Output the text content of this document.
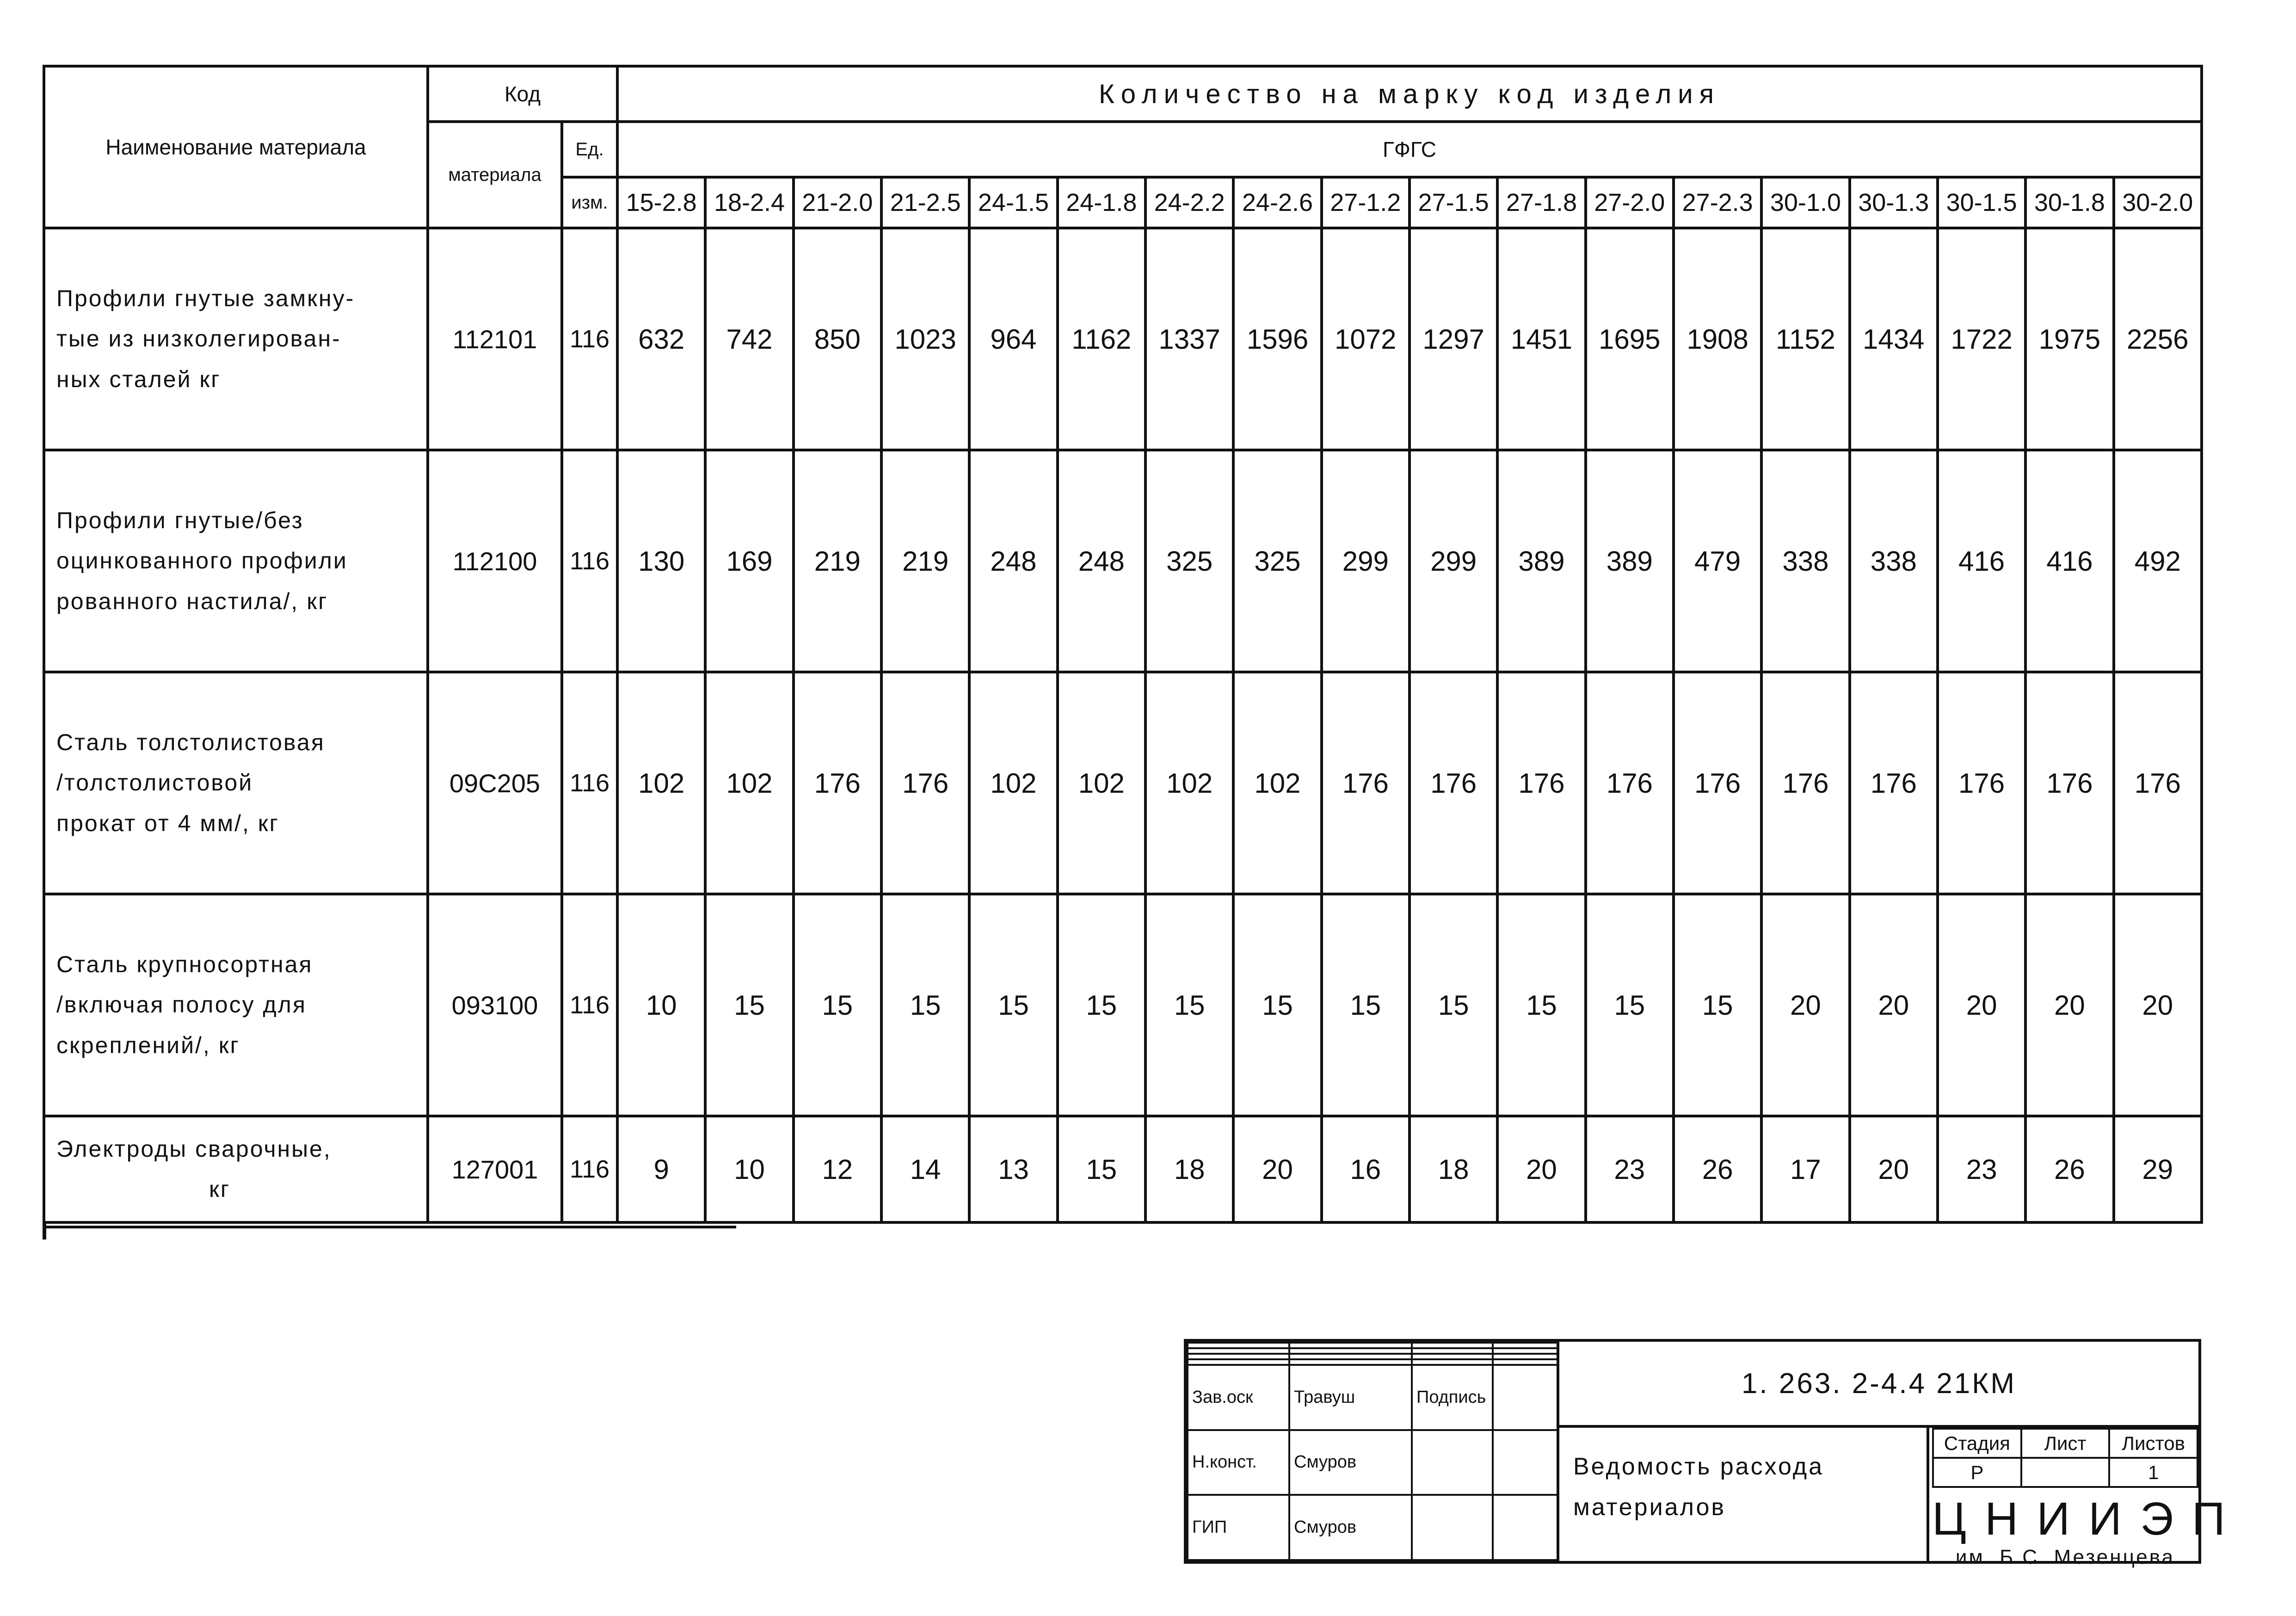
Наименование материала	Код		Количество на марку код изделия																	
	материала	Ед.	ГФГС																	
		изм.	15-2.8	18-2.4	21-2.0	21-2.5	24-1.5	24-1.8	24-2.2	24-2.6	27-1.2	27-1.5	27-1.8	27-2.0	27-2.3	30-1.0	30-1.3	30-1.5	30-1.8	30-2.0

Профили гнутые замкну-
тые из низколегирован-
ных сталей кг	112101	116	632	742	850	1023	964	1162	1337	1596	1072	1297	1451	1695	1908	1152	1434	1722	1975	2256

Профили гнутые/без
оцинкованного профили
рованного настила/, кг	112100	116	130	169	219	219	248	248	325	325	299	299	389	389	479	338	338	416	416	492

Сталь толстолистовая
/толстолистовой
прокат от 4 мм/, кг	09С205	116	102	102	176	176	102	102	102	102	176	176	176	176	176	176	176	176	176	176

Сталь крупносортная
/включая полосу для
скреплений/, кг	093100	116	10	15	15	15	15	15	15	15	15	15	15	15	15	20	20	20	20	20

Электроды сварочные,
кг	127001	116	9	10	12	14	13	15	18	20	16	18	20	23	26	17	20	23	26	29

Зав.оск	Травуш	Подпись	
Н.конст.	Смуров		
ГИП	Смуров		
1. 263. 2-4.4 21КМ
Ведомость расхода
материалов
Стадия	Лист	Листов
Р		1
ЦНИИЭП
им. Б.С. Мезенцева
